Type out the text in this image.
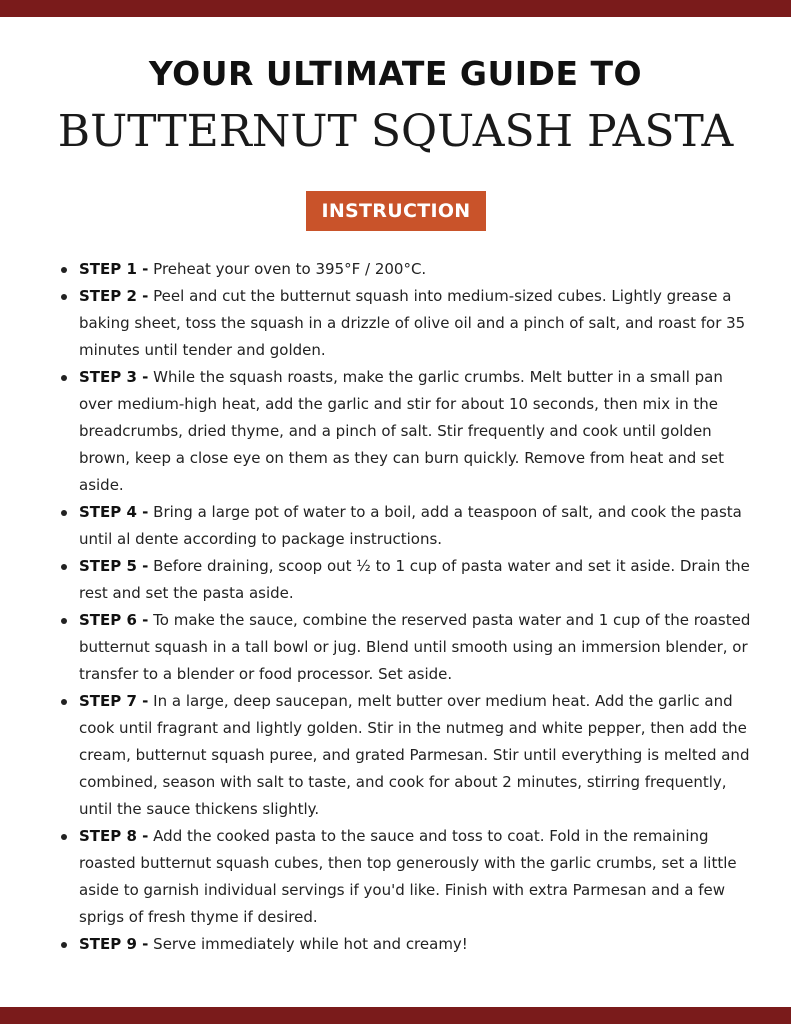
YOUR ULTIMATE GUIDE TO
BUTTERNUT SQUASH PASTA
INSTRUCTION
STEP 1 - Preheat your oven to 395°F / 200°C.
STEP 2 - Peel and cut the butternut squash into medium-sized cubes. Lightly grease a baking sheet, toss the squash in a drizzle of olive oil and a pinch of salt, and roast for 35 minutes until tender and golden.
STEP 3 - While the squash roasts, make the garlic crumbs. Melt butter in a small pan over medium-high heat, add the garlic and stir for about 10 seconds, then mix in the breadcrumbs, dried thyme, and a pinch of salt. Stir frequently and cook until golden brown, keep a close eye on them as they can burn quickly. Remove from heat and set aside.
STEP 4 - Bring a large pot of water to a boil, add a teaspoon of salt, and cook the pasta until al dente according to package instructions.
STEP 5 - Before draining, scoop out ½ to 1 cup of pasta water and set it aside. Drain the rest and set the pasta aside.
STEP 6 - To make the sauce, combine the reserved pasta water and 1 cup of the roasted butternut squash in a tall bowl or jug. Blend until smooth using an immersion blender, or transfer to a blender or food processor. Set aside.
STEP 7 - In a large, deep saucepan, melt butter over medium heat. Add the garlic and cook until fragrant and lightly golden. Stir in the nutmeg and white pepper, then add the cream, butternut squash puree, and grated Parmesan. Stir until everything is melted and combined, season with salt to taste, and cook for about 2 minutes, stirring frequently, until the sauce thickens slightly.
STEP 8 - Add the cooked pasta to the sauce and toss to coat. Fold in the remaining roasted butternut squash cubes, then top generously with the garlic crumbs, set a little aside to garnish individual servings if you'd like. Finish with extra Parmesan and a few sprigs of fresh thyme if desired.
STEP 9 - Serve immediately while hot and creamy!
